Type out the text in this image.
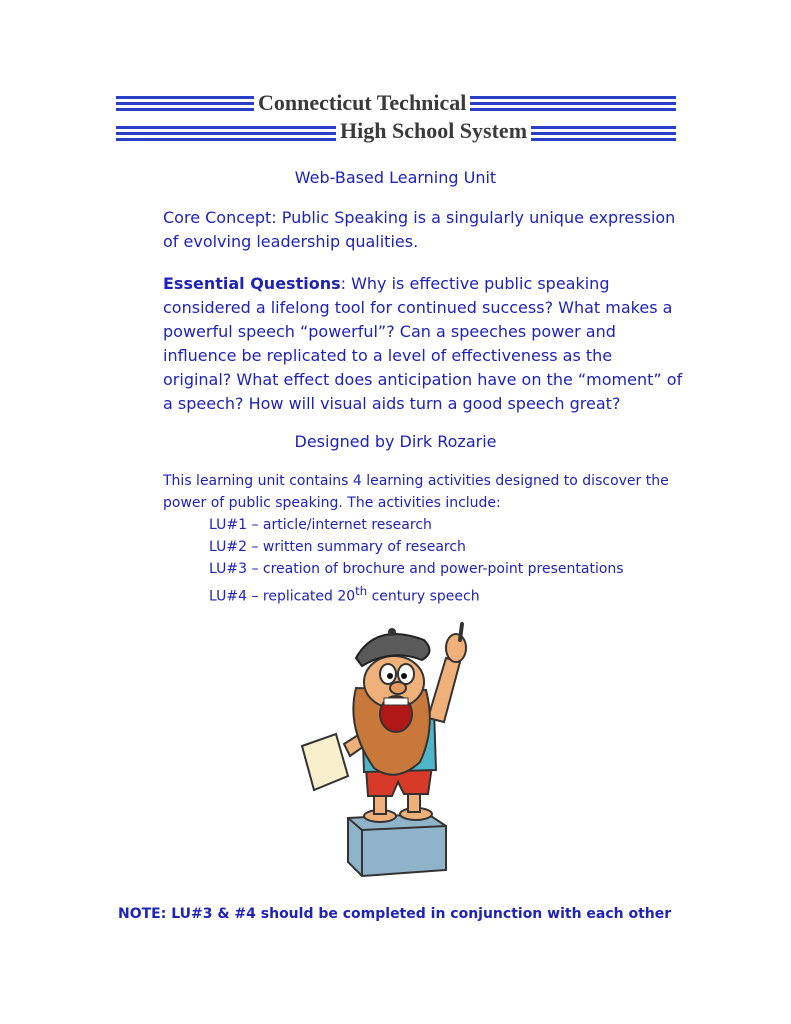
Connecticut Technical
High School System
Web-Based Learning Unit
Core Concept: Public Speaking is a singularly unique expression of evolving leadership qualities.
Essential Questions: Why is effective public speaking considered a lifelong tool for continued success? What makes a powerful speech “powerful”? Can a speeches power and influence be replicated to a level of effectiveness as the original? What effect does anticipation have on the “moment” of a speech? How will visual aids turn a good speech great?
Designed by Dirk Rozarie
This learning unit contains 4 learning activities designed to discover the power of public speaking. The activities include:
LU#1 – article/internet research
LU#2 – written summary of research
LU#3 – creation of brochure and power-point presentations
LU#4 – replicated 20th century speech
NOTE: LU#3 & #4 should be completed in conjunction with each other
